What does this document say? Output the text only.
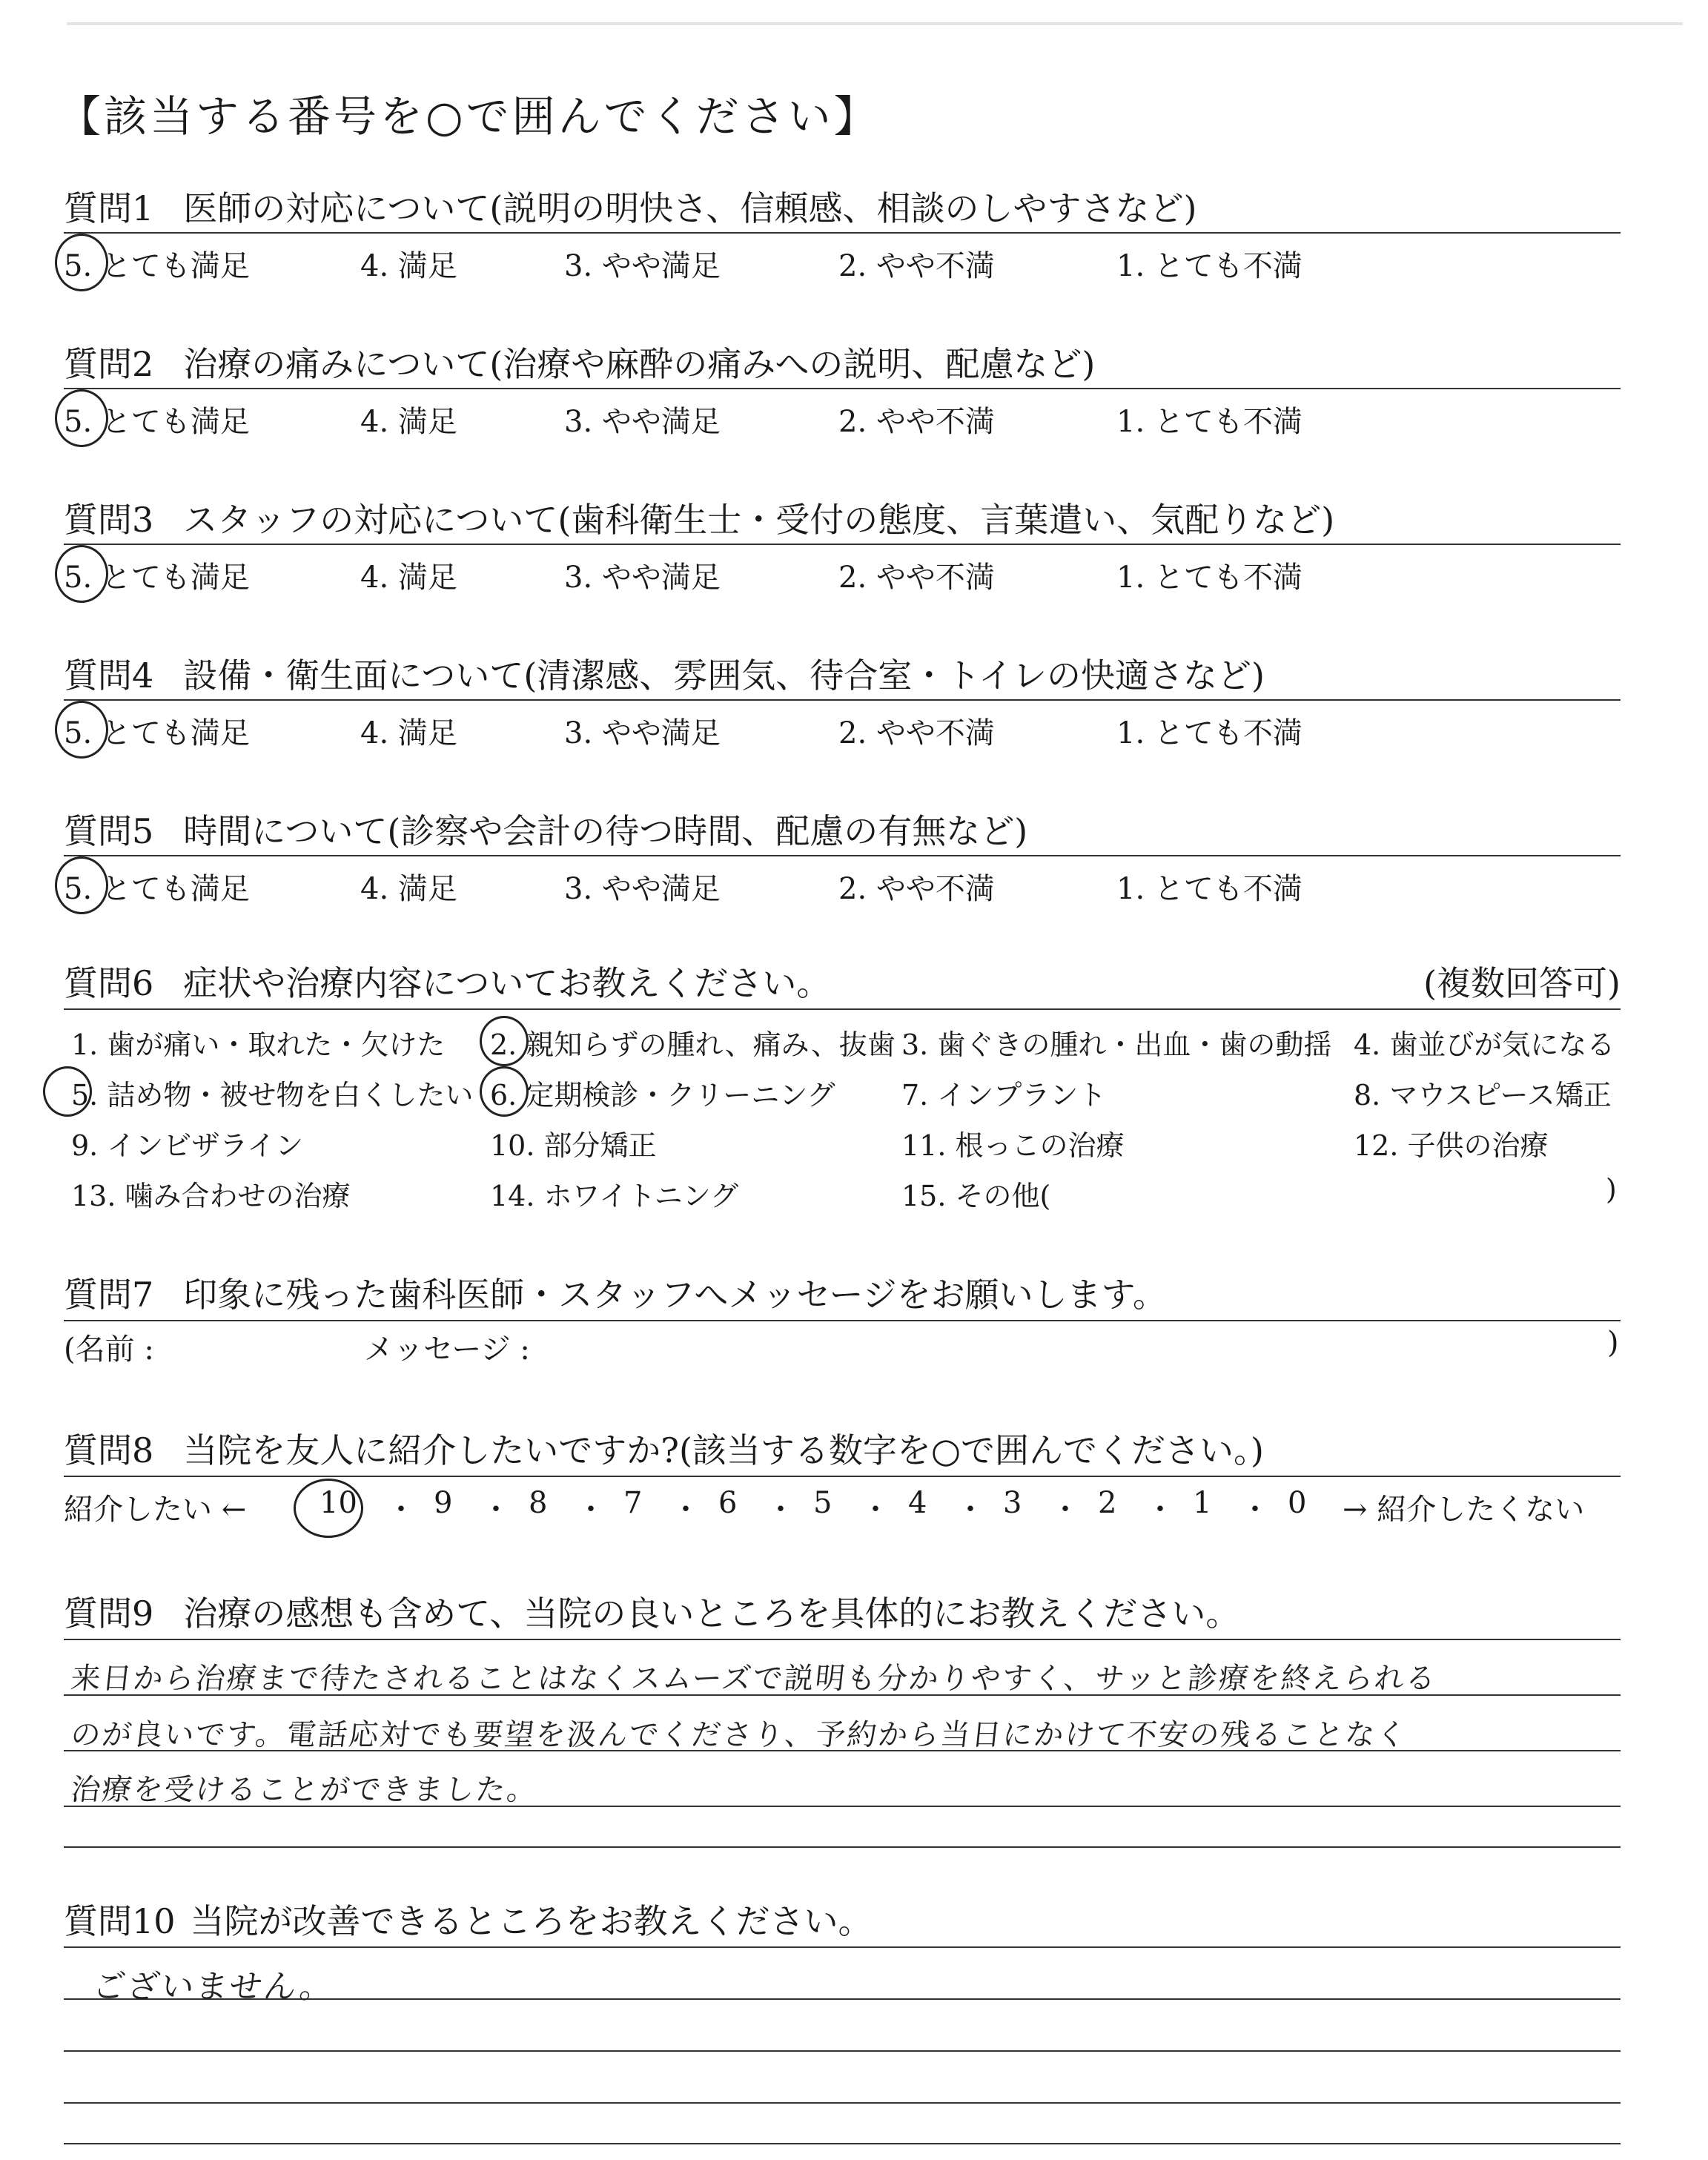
【該当する番号を○で囲んでください】
質問1 医師の対応について(説明の明快さ、信頼感、相談のしやすさなど)
5. とても満足	4. 満足	3. やや満足	2. やや不満	1. とても不満
質問2 治療の痛みについて(治療や麻酔の痛みへの説明、配慮など)
5. とても満足	4. 満足	3. やや満足	2. やや不満	1. とても不満
質問3 スタッフの対応について(歯科衛生士・受付の態度、言葉遣い、気配りなど)
5. とても満足	4. 満足	3. やや満足	2. やや不満	1. とても不満
質問4 設備・衛生面について(清潔感、雰囲気、待合室・トイレの快適さなど)
5. とても満足	4. 満足	3. やや満足	2. やや不満	1. とても不満
質問5 時間について(診察や会計の待つ時間、配慮の有無など)
5. とても満足	4. 満足	3. やや満足	2. やや不満	1. とても不満
質問6 症状や治療内容についてお教えください。	(複数回答可)
1. 歯が痛い・取れた・欠けた 2. 親知らずの腫れ、痛み、抜歯 3. 歯ぐきの腫れ・出血・歯の動揺 4. 歯並びが気になる
5. 詰め物・被せ物を白くしたい 6. 定期検診・クリーニング 7. インプラント	8. マウスピース矯正
9. インビザライン	10. 部分矯正	11. 根っこの治療	12. 子供の治療
13. 噛み合わせの治療	14. ホワイトニング	15. その他(	)
質問7 印象に残った歯科医師・スタッフへメッセージをお願いします。
(名前 :	メッセージ :	)
質問8 当院を友人に紹介したいですか?(該当する数字を○で囲んでください。)
紹介したい ←	→ 紹介したくない
10 ・ 9 ・ 8 ・ 7 ・ 6 ・ 5 ・ 4 ・ 3 ・ 2 ・ 1 ・ 0
質問9 治療の感想も含めて、当院の良いところを具体的にお教えください。
来日から治療まで待たされることはなくスムーズで説明も分かりやすく、サッと診療を終えられる
のが良いです。電話応対でも要望を汲んでくださり、予約から当日にかけて不安の残ることなく
治療を受けることができました。
質問10 当院が改善できるところをお教えください。
ございません。
